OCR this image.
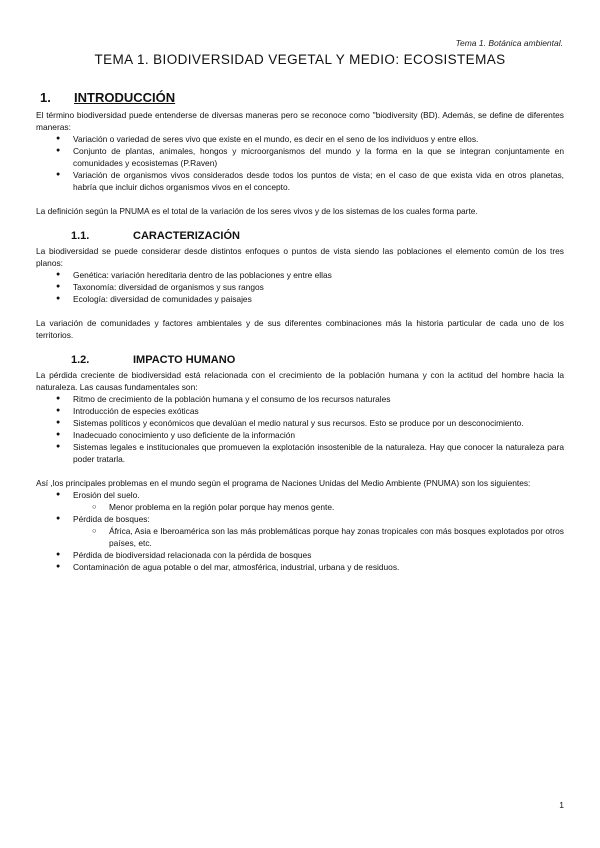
Tema 1. Botánica ambiental.
TEMA 1. BIODIVERSIDAD VEGETAL Y MEDIO: ECOSISTEMAS
1.	INTRODUCCIÓN

El término biodiversidad puede entenderse de diversas maneras pero se reconoce como ''biodiversity (BD). Además, se define de diferentes maneras:

● Variación o variedad de seres vivo que existe en el mundo, es decir en el seno de los individuos y entre ellos.
● Conjunto de plantas, animales, hongos y microorganismos del mundo y la forma en la que se integran conjuntamente en comunidades y ecosistemas (P.Raven)
● Variación de organismos vivos considerados desde todos los puntos de vista; en el caso de que exista vida en otros planetas, habría que incluir dichos organismos vivos en el concepto.

La definición según la PNUMA es el total de la variación de los seres vivos y de los sistemas de los cuales forma parte.

1.1.	CARACTERIZACIÓN

La biodiversidad se puede considerar desde distintos enfoques o puntos de vista siendo las poblaciones el elemento común de los tres planos:

● Genética: variación hereditaria dentro de las poblaciones y entre ellas
● Taxonomía: diversidad de organismos y sus rangos
● Ecología: diversidad de comunidades y paisajes

La variación de comunidades y factores ambientales y de sus diferentes combinaciones más la historia particular de cada uno de los territorios.

1.2.	IMPACTO HUMANO

La pérdida creciente de biodiversidad está relacionada con el crecimiento de la población humana y con la actitud del hombre hacia la naturaleza. Las causas fundamentales son:

● Ritmo de crecimiento de la población humana y el consumo de los recursos naturales
● Introducción de especies exóticas
● Sistemas políticos y económicos que devalúan el medio natural y sus recursos. Esto se produce por un desconocimiento.
● Inadecuado conocimiento y uso deficiente de la información
● Sistemas legales e institucionales que promueven la explotación insostenible de la naturaleza. Hay que conocer la naturaleza para poder tratarla.

Así ,los principales problemas en el mundo según el programa de Naciones Unidas del Medio Ambiente (PNUMA) son los siguientes:

● Erosión del suelo.
○ Menor problema en la región polar porque hay menos gente.
● Pérdida de bosques:
○ África, Asia e Iberoamérica son las más problemáticas porque hay zonas tropicales con más bosques explotados por otros países, etc.
● Pérdida de biodiversidad relacionada con la pérdida de bosques
● Contaminación de agua potable o del mar, atmosférica, industrial, urbana y de residuos.
1
